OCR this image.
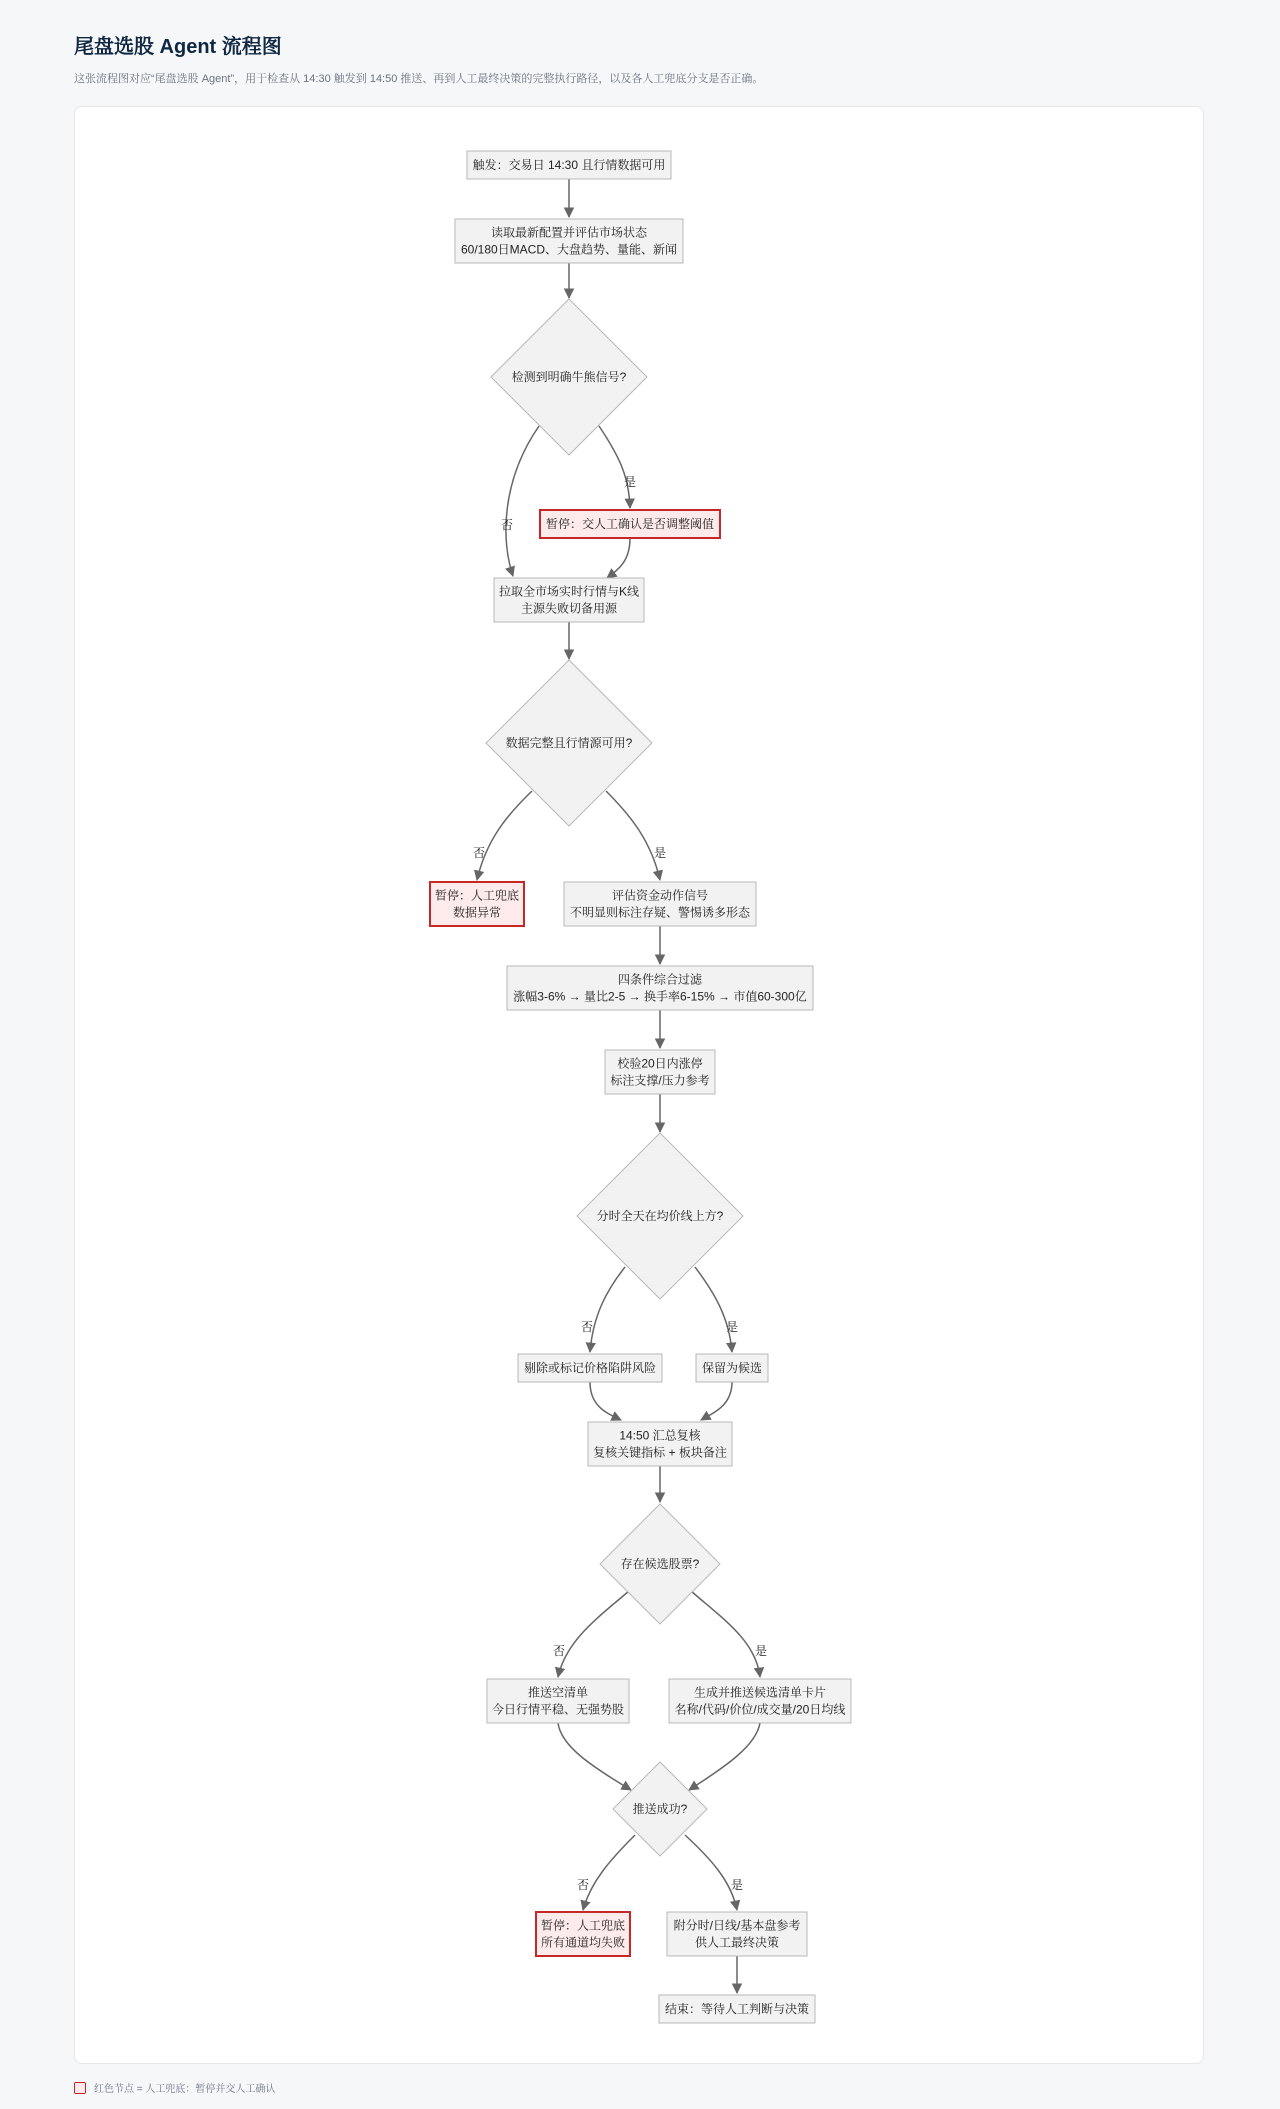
尾盘选股 Agent 流程图
这张流程图对应“尾盘选股 Agent”，用于检查从 14:30 触发到 14:50 推送、再到人工最终决策的完整执行路径，以及各人工兜底分支是否正确。
否
是
否	是
否	是
否	是
否	是
触发：交易日 14:30 且行情数据可用
读取最新配置并评估市场状态
60/180日MACD、大盘趋势、量能、新闻
检测到明确牛熊信号?
暂停：交人工确认是否调整阈值
拉取全市场实时行情与K线
主源失败切备用源
数据完整且行情源可用?
暂停：人工兜底
数据异常
评估资金动作信号
不明显则标注存疑、警惕诱多形态
四条件综合过滤
涨幅3-6% → 量比2-5 → 换手率6-15% → 市值60-300亿
校验20日内涨停
标注支撑/压力参考
分时全天在均价线上方?
剔除或标记价格陷阱风险	保留为候选
14:50 汇总复核
复核关键指标 + 板块备注
存在候选股票?
推送空清单
今日行情平稳、无强势股
生成并推送候选清单卡片
名称/代码/价位/成交量/20日均线
推送成功?
暂停：人工兜底
所有通道均失败
附分时/日线/基本盘参考
供人工最终决策
结束：等待人工判断与决策
红色节点 = 人工兜底：暂停并交人工确认
